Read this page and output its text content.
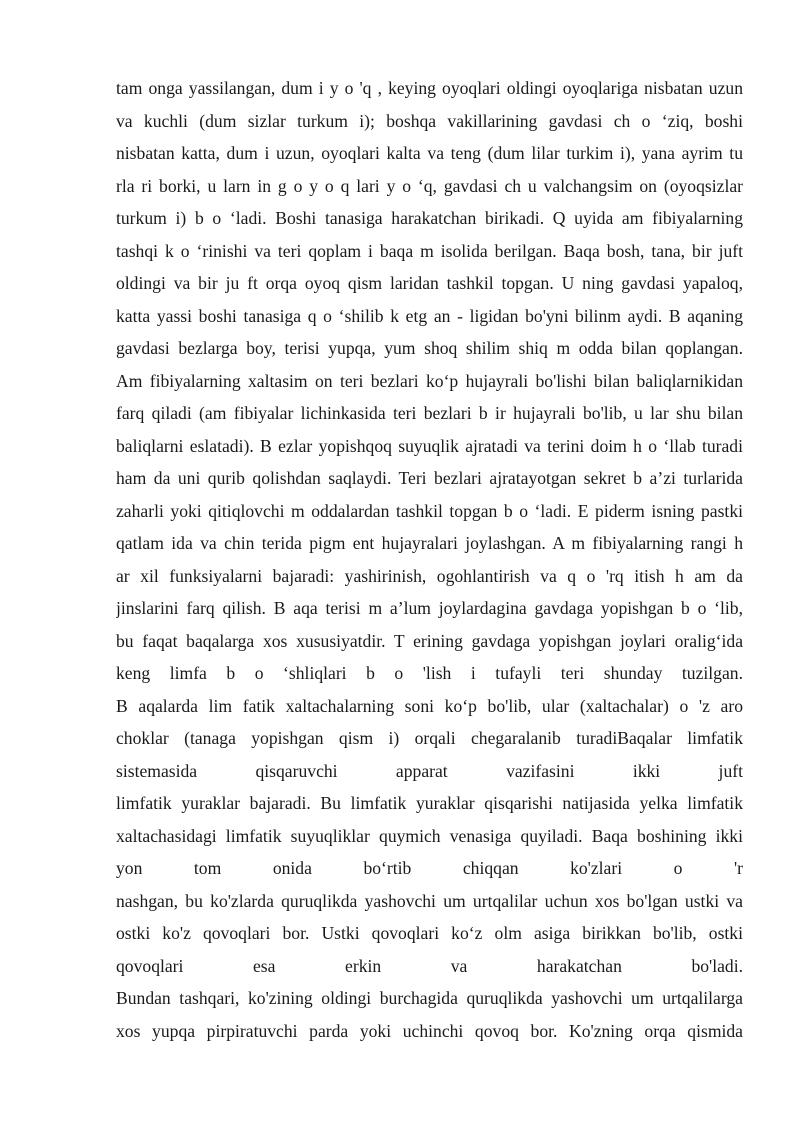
tam onga yassilangan, dum i y o 'q , keying oyoqlari oldingi oyoqlariga nisbatan uzun
va kuchli (dum sizlar turkum i); boshqa vakillarining gavdasi ch o ‘ziq, boshi
nisbatan katta, dum i uzun, oyoqlari kalta va teng (dum lilar turkim i), yana ayrim tu
rla ri borki, u larn in g o y o q lari y o ‘q, gavdasi ch u valchangsim on (oyoqsizlar
turkum i) b o ‘ladi. Boshi tanasiga harakatchan birikadi. Q uyida am fibiyalarning
tashqi k o ‘rinishi va teri qoplam i baqa m isolida berilgan. Baqa bosh, tana, bir juft
oldingi va bir ju ft orqa oyoq qism laridan tashkil topgan. U ning gavdasi yapaloq,
katta yassi boshi tanasiga q o ‘shilib k etg an - ligidan bo'yni bilinm aydi. B aqaning
gavdasi bezlarga boy, terisi yupqa, yum shoq shilim shiq m odda bilan qoplangan.
Am fibiyalarning xaltasim on teri bezlari ko‘p hujayrali bo'lishi bilan baliqlarnikidan
farq qiladi (am fibiyalar lichinkasida teri bezlari b ir hujayrali bo'lib, u lar shu bilan
baliqlarni eslatadi). B ezlar yopishqoq suyuqlik ajratadi va terini doim h o ‘llab turadi
ham da uni qurib qolishdan saqlaydi. Teri bezlari ajratayotgan sekret b a’zi turlarida
zaharli yoki qitiqlovchi m oddalardan tashkil topgan b o ‘ladi. E piderm isning pastki
qatlam ida va chin terida pigm ent hujayralari joylashgan. A m fibiyalarning rangi h
ar xil funksiyalarni bajaradi: yashirinish, ogohlantirish va q o 'rq itish h am da
jinslarini farq qilish. B aqa terisi m a’lum joylardagina gavdaga yopishgan b o ‘lib,
bu faqat baqalarga xos xususiyatdir. T erining gavdaga yopishgan joylari oralig‘ida
keng limfa b o ‘shliqlari b o 'lish i tufayli teri shunday tuzilgan.
B aqalarda lim fatik xaltachalarning soni ko‘p bo'lib, ular (xaltachalar) o 'z aro
choklar (tanaga yopishgan qism i) orqali chegaralanib turadiBaqalar limfatik
sistemasida qisqaruvchi apparat vazifasini ikki juft
limfatik yuraklar bajaradi. Bu limfatik yuraklar qisqarishi natijasida yelka limfatik
xaltachasidagi limfatik suyuqliklar quymich venasiga quyiladi. Baqa boshining ikki
yon tom onida bo‘rtib chiqqan ko'zlari o 'r
nashgan, bu ko'zlarda quruqlikda yashovchi um urtqalilar uchun xos bo'lgan ustki va
ostki ko'z qovoqlari bor. Ustki qovoqlari ko‘z olm asiga birikkan bo'lib, ostki
qovoqlari esa erkin va harakatchan bo'ladi.
Bundan tashqari, ko'zining oldingi burchagida quruqlikda yashovchi um urtqalilarga
xos yupqa pirpiratuvchi parda yoki uchinchi qovoq bor. Ko'zning orqa qismida
